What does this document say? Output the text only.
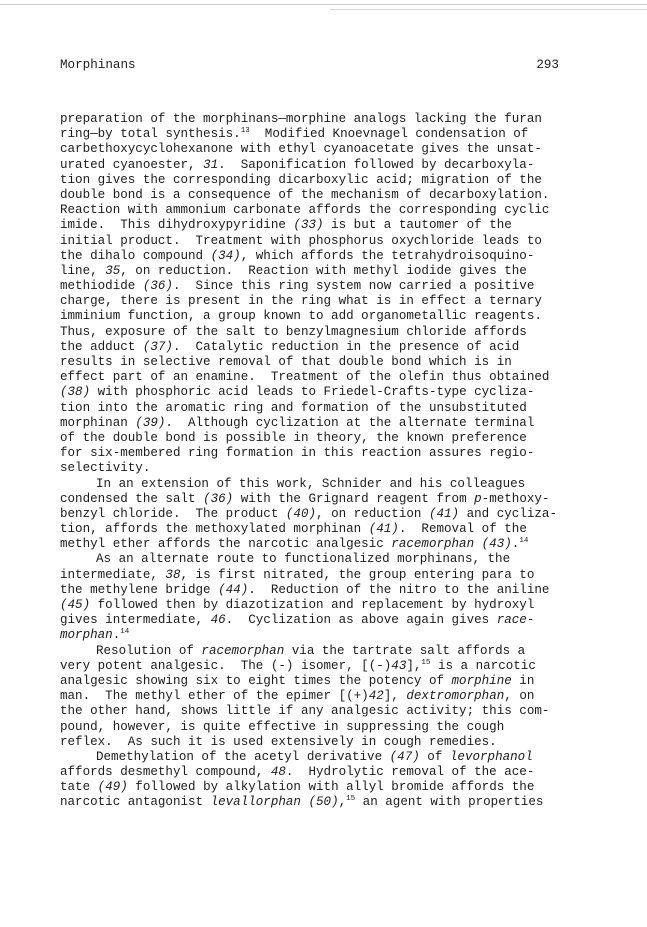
Morphinans	293
preparation of the morphinans—morphine analogs lacking the furan
ring—by total synthesis.$^{13}$  Modified Knoevnagel condensation of
carbethoxycyclohexanone with ethyl cyanoacetate gives the unsat-
urated cyanoester, 31.  Saponification followed by decarboxyla-
tion gives the corresponding dicarboxylic acid; migration of the
double bond is a consequence of the mechanism of decarboxylation.
Reaction with ammonium carbonate affords the corresponding cyclic
imide.  This dihydroxypyridine (33) is but a tautomer of the
initial product.  Treatment with phosphorus oxychloride leads to
the dihalo compound (34), which affords the tetrahydroisoquino-
line, 35, on reduction.  Reaction with methyl iodide gives the
methiodide (36).  Since this ring system now carried a positive
charge, there is present in the ring what is in effect a ternary
imminium function, a group known to add organometallic reagents.
Thus, exposure of the salt to benzylmagnesium chloride affords
the adduct (37).  Catalytic reduction in the presence of acid
results in selective removal of that double bond which is in
effect part of an enamine.  Treatment of the olefin thus obtained
(38) with phosphoric acid leads to Friedel-Crafts-type cycliza-
tion into the aromatic ring and formation of the unsubstituted
morphinan (39).  Although cyclization at the alternate terminal
of the double bond is possible in theory, the known preference
for six-membered ring formation in this reaction assures regio-
selectivity.
In an extension of this work, Schnider and his colleagues
condensed the salt (36) with the Grignard reagent from p-methoxy-
benzyl chloride.  The product (40), on reduction (41) and cycliza-
tion, affords the methoxylated morphinan (41).  Removal of the
methyl ether affords the narcotic analgesic racemorphan (43).$^{14}$
As an alternate route to functionalized morphinans, the
intermediate, 38, is first nitrated, the group entering para to
the methylene bridge (44).  Reduction of the nitro to the aniline
(45) followed then by diazotization and replacement by hydroxyl
gives intermediate, 46.  Cyclization as above again gives race-
morphan.$^{14}$
Resolution of racemorphan via the tartrate salt affords a
very potent analgesic.  The (-) isomer, [(-)43],$^{15}$ is a narcotic
analgesic showing six to eight times the potency of morphine in
man.  The methyl ether of the epimer [(+)42], dextromorphan, on
the other hand, shows little if any analgesic activity; this com-
pound, however, is quite effective in suppressing the cough
reflex.  As such it is used extensively in cough remedies.
Demethylation of the acetyl derivative (47) of levorphanol
affords desmethyl compound, 48.  Hydrolytic removal of the ace-
tate (49) followed by alkylation with allyl bromide affords the
narcotic antagonist levallorphan (50),$^{15}$ an agent with properties
